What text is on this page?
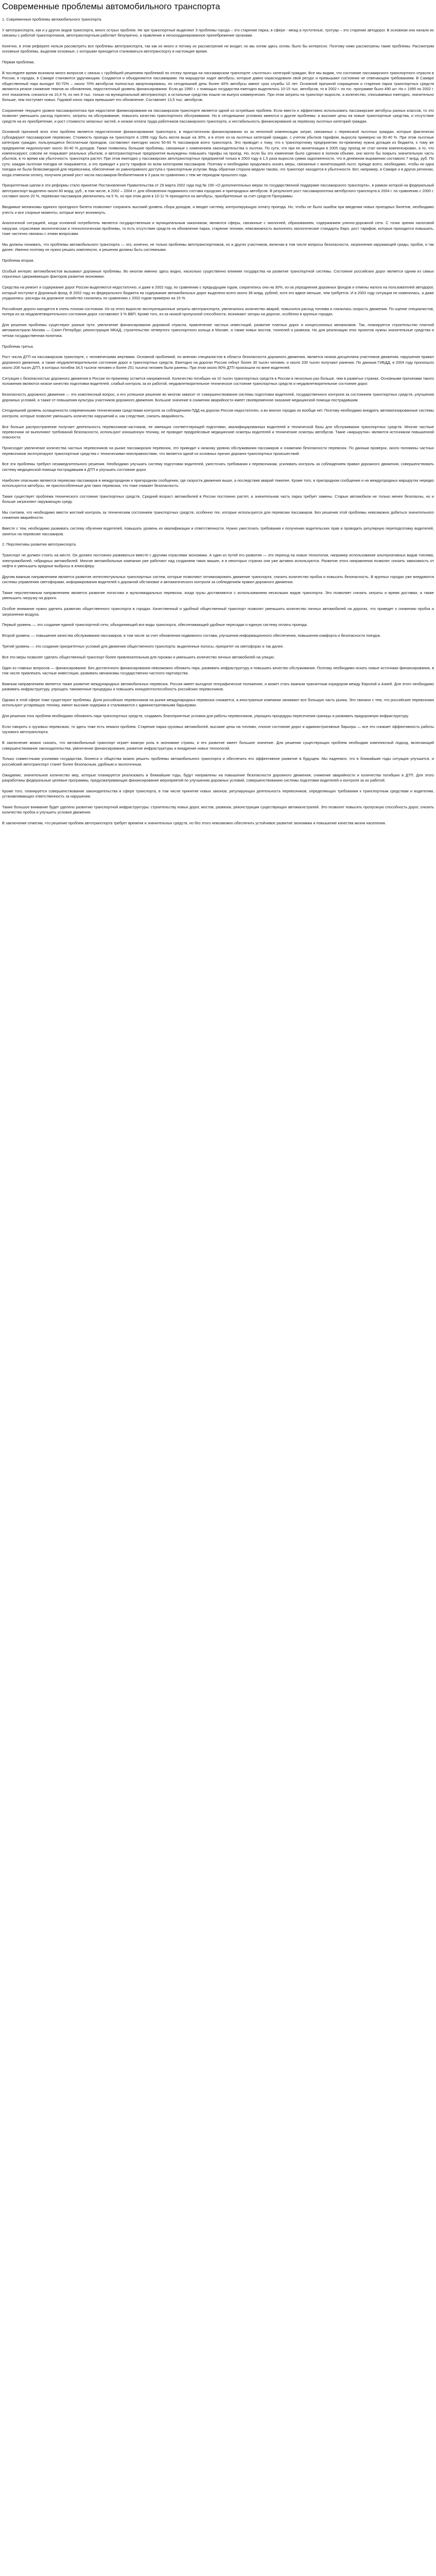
Современные проблемы автомобильного транспорта

1. Современные проблемы автомобильного транспорта.

У автотранспорта, как и у других видов транспорта, много острых проблем. Не зря транспортные выделяют 3 проблемы города – это старение парка, в сфере - межд а пустотелые, тротуар – это старение автодорог. В основном они начали их связаны с работой транспортников, автотранспортным работает безупречно, а правление и нескоординированное пренебрежение органами.

Конечно, в этом реферате нельзя рассмотреть все проблемы автотранспорта, так как их много и потому их рассмотрение не входит, но мы хотим здесь хотим, было бы интересно. Поэтому ниже рассмотрены такие проблемы: Рассмотрим основные проблемы, выделим основные, с которыми приходится сталкиваться автотранспорту в настоящее время.

Первая проблема.

В последнее время возникла много вопросов с связью с грубейшей решением проблемой по отсеку проезда на пассажирском транспорте «льготных» категорий граждан. Все мы видим, что состояние пассажирского транспортного отрасли в России, в городах, в Самаре становится удручающим. Создаются и объединяются пассажирами. На маршрутах ходят автобусы, которые давно израсходовали свой ресурс и превышают состояние не отвечающем требованиям. В Самаре общественный парк выходит 60-70% – около 70% автобусов полностью амортизированы, по сегодняшний день более 40% автобусы имеют срок службы 10 лет. Основной причиной сокращения и старения парка транспортных средств являются резкое снижение темпов их обновления, недостаточный уровень финансирования. Если до 1990 г. с помощью государства ежегодно выделялось 10-15 тыс. автобусов, то в 2002 г. по гос. программе было 490 шт. Но с 1995 по 2002 г. этот показатель снизился на 10,4 %, из них 8 тыс. только на муниципальный автотранспорт, а остальные средства пошли на выпуск коммерческих. При этом затраты на транспорт выросли, а количество, списываемых ежегодно, значительно больше, чем поступает новых. Годовой износ парка превышает его обновление. Составляет 13,5 тыс. автобусов.

Сохранение текущего уровня пассажиропотока при недостатке финансирования на пассажирском транспорте является одной из острейших проблем. Если ввести и эффективно использовать пассажирские автобусы разных классов, то это позволит уменьшить расход горючего, затраты на обслуживание, повысить качество транспортного обслуживания. Но в сегодняшних условиях имеются и другие проблемы: и высокие цены на новые транспортные средства, и отсутствие средств на их приобретение, и рост стоимости запасных частей, и низкая оплата труда работников пассажирского транспорта, и нестабильность финансирования за перевозку льготных категорий граждан.

Основной причиной всех этих проблем является недостаточное финансирование транспорта, в недостаточном финансировании из за неполной компенсации затрат, связанных с перевозкой льготных граждан, которые фактически субсидируют пассажирские перевозки. Стоимость проезда на транспорте в 1999 году быть могла выше на 30%, а в итоге из-за льготных категорий граждан, с учетом убытков тарифом, выросла примерно на 30-40 %. При этом льготные категории граждан, пользующиеся бесплатным проездом, составляют ежегодно около 50-60 % пассажиров всего транспорта. Это приводит к тому, что к транспортному предприятию по-прежнему нужна дотация из бюджета, к тому же предприятие недополучает около 30-40 % доходов. Также появились большие проблемы, связанные с изменением законодательства о льготах. По сути, что при ее монетизации в 2005 году проезд не стал ничем компенсирован, а то, что компенсируют, совсем не покрывает реальных убытков, и автотранспортные предприятия вынуждены повышать тарифы на проезд. Но, если бы это изменение было сделано в полном объеме, оно могло бы покрыть значительную часть убытков, в то время как убыточность транспорта растет. При этом ежегодно у пассажирских автотранспортных предприятий только в 2003 году в 1,5 раза выросла сумма задолженности, что в денежном выражении составило 7 млрд. руб. По сути, каждая льготная поездка не покрывается, а это приводит к росту тарифов по всем категориям пассажиров. Поэтому и необходимо продолжать искать меры, связанные с монетизацией льгот, прежде всего, необходимо, чтобы ни одна поездка не была безвозмездной для перевозчика, обеспечение их равноправного доступа к транспортным услугам. Ведь обратная сторона медали такова, что транспорт находится в убыточности. Вот, например, в Самаре и в других регионах, когда отменили оплату, получили резкий рост числа пассажиров-безбилетников в 3 раза по сравнению с тем же периодом прошлого года.

Приоритетным шагом в эти реформы стало принятие Постановления Правительства от 29 марта 2002 года под № 190 «О дополнительных мерах по государственной поддержке пассажирского транспорта», в рамках которой на федеральный автотранспорт выделено около 60 млрд. руб., в том числе, в 2002 – 2004 гг. для обновления подвижного состава городских и пригородных автобусов. В результате рост пассажиропотока автобусного транспорта в 2004 г. по сравнению с 2000 г. составил около 20 %, перевозки пассажиров увеличились на 5 %, но при этом доля в 10-11 % приходится на автобусы, приобретенные за счет средств Программы.

Вводимые механизмы единого проездного билета позволяют сохранить высокий уровень сбора доходов, и вводят систему, контролирующую оплату проезда. Но, чтобы не было ошибок при введении новых проездных билетов, необходимо учесть и все спорные моменты, которые могут возникнуть.

Аналогичной ситуацией, когда основной потребитель является государственным и муниципальным заказчиком, являются сферы, связанные с экологией, образованием, содержанием улично-дорожной сети. С точки зрения налоговой нагрузки, отраслевая экологическая и технологическая проблемы, то есть отсутствие средств на обновление парка, старение техники, невозможность выполнять экологические стандарты Евро, рост тарифов, которые приходится повышать, тоже частично связаны с этими вопросами.

Мы должны понимать, что проблемы автомобильного транспорта — это, конечно, не только проблемы автотранспортников, но и других участников, включая в том числе вопросы безопасности, загрязнения окружающей среды, пробок, и так далее. Именно поэтому их нужно решать комплексно, и решения должны быть системными.

Проблема вторая.

Особый интерес автомобилистов вызывают дорожные проблемы. Во многом именно здесь видно, насколько существенно влияние государства на развитие транспортной системы. Состояние российских дорог является одним из самых серьезных сдерживающих факторов развития экономики.

Средства на ремонт и содержание дорог России выделяются недостаточно, и даже в 2002 году, по сравнению с предыдущим годом, сократились они на 30%, из-за упразднения дорожных фондов и отмены налога на пользователей автодорог, который поступал в Дорожный фонд. В 2002 году из федерального бюджета на содержание автомобильных дорог выделено всего около 38 млрд. рублей, хотя это вдвое меньше, чем требуется. И в 2003 году ситуация не изменилась, а даже ухудшилась: расходы на дорожное хозяйство снизились по сравнению с 2002 годом примерно на 15 %.

Российские дороги находятся в очень плохом состоянии. Из-за этого выросли эксплуатационные затраты автотранспорта, увеличилось количество аварий, повысился расход топлива и снизилась скорость движения. По оценке специалистов, потери из-за неудовлетворительного состояния дорог составляют 3 % ВВП. Кроме того, из-за низкой пропускной способности, возникают заторы на дорогах, особенно в крупных городах.

Для решения проблемы существуют разные пути: увеличение финансирования дорожной отрасли, привлечение частных инвестиций, развитие платных дорог и концессионных механизмов. Так, планируется строительство платной автомагистрали Москва — Санкт-Петербург, реконструкция МКАД, строительство четвертого транспортного кольца в Москве, а также новых мостов, тоннелей и развязок. Но для реализации этих проектов нужны значительные средства и четкая государственная политика.

Проблема третья.

Рост числа ДТП на пассажирском транспорте, с человеческими жертвами. Основной проблемой, по мнению специалистов в области безопасности дорожного движения, является низкая дисциплина участников движения, нарушения правил дорожного движения, а также неудовлетворительное состояние дорог и транспортных средств. Ежегодно на дорогах России гибнут более 30 тысяч человек, и около 200 тысяч получают ранения. По данным ГИБДД, в 2004 году произошло около 208 тысяч ДТП, в которых погибли 34,5 тысячи человек и более 251 тысяча человек были ранены. При этом около 80% ДТП произошли по вине водителей.

Ситуация с безопасностью дорожного движения в России по-прежнему остается напряженной. Количество погибших на 10 тысяч транспортных средств в России в несколько раз больше, чем в развитых странах. Основными причинами такого положения являются низкое качество подготовки водителей, слабый контроль за их работой, неудовлетворительное техническое состояние транспортных средств и неудовлетворительное состояние дорог.

Безопасность дорожного движения — это комплексный вопрос, и его успешное решение во многом зависит от совершенствования системы подготовки водителей, государственного контроля за состоянием транспортных средств, улучшения дорожных условий, а также от повышения культуры участников дорожного движения. Большое значение в снижении аварийности имеет своевременное оказание медицинской помощи пострадавшим.

Сегодняшний уровень оснащенности современными техническими средствами контроля за соблюдением ПДД на дорогах России недостаточен, а во многих городах их вообще нет. Поэтому необходимо внедрять автоматизированные системы контроля, которые позволят уменьшить количество нарушений и, как следствие, снизить аварийность.

Все больше распространение получает деятельность перевозчиков-частников, не имеющих соответствующей подготовки, квалифицированных водителей и технической базы для обслуживания транспортных средств. Многие частные перевозчики не выполняют требований безопасности, используют изношенную технику, не проводят предрейсовые медицинские осмотры водителей и технические осмотры автобусов. Такие «маршрутки» являются источником повышенной опасности.

Происходит увеличение количества частных перевозчиков на рынке пассажирских перевозок, это приводит к низкому уровню обслуживания пассажиров и снижению безопасности перевозок. По данным проверок, около половины частных перевозчиков эксплуатируют транспортные средства с техническими неисправностями, что является одной из основных причин дорожно-транспортных происшествий.

Все эти проблемы требуют незамедлительного решения. Необходимо улучшать систему подготовки водителей, ужесточать требования к перевозчикам, усиливать контроль за соблюдением правил дорожного движения, совершенствовать систему медицинской помощи пострадавшим в ДТП и улучшать состояние дорог.

Наиболее опасными являются перевозки пассажиров в междугородном и пригородном сообщении, где скорости движения выше, а последствия аварий тяжелее. Кроме того, в пригородном сообщении и на междугородных маршрутах нередко используются автобусы, не приспособленные для таких перевозок, что тоже снижает безопасность.

Также существует проблема технического состояния транспортных средств. Средний возраст автомобилей в России постоянно растет, а значительная часть парка требует замены. Старые автомобили не только менее безопасны, но и больше загрязняют окружающую среду.

Мы считаем, что необходимо ввести жесткий контроль за техническим состоянием транспортных средств, особенно тех, которые используются для перевозки пассажиров. Без решения этой проблемы невозможно добиться значительного снижения аварийности.

Вместе с тем, необходимо развивать систему обучения водителей, повышать уровень их квалификации и ответственности. Нужно ужесточать требования к получению водительских прав и проводить регулярную переподготовку водителей, занятых на перевозке пассажиров.

2. Перспективы развития автотранспорта.

Транспорт не должен стоять на месте. Он должен постоянно развиваться вместе с другими отраслями экономики. А один из путей его развития — это переход на новые технологии, например использование альтернативных видов топлива, электромобилей, гибридных автомобилей. Многие автомобильные компании уже работают над созданием таких машин, и в некоторых странах они уже активно используются. Развитие этого направления позволит снизить зависимость от нефти и уменьшить вредные выбросы в атмосферу.

Другим важным направлением является развитие интеллектуальных транспортных систем, которые позволяют оптимизировать движение транспорта, снизить количество пробок и повысить безопасность. В крупных городах уже внедряются системы управления светофорами, информирования водителей о дорожной обстановке и автоматического контроля за соблюдением правил дорожного движения.

Также перспективным направлением является развитие логистики и мультимодальных перевозок, когда грузы доставляются с использованием нескольких видов транспорта. Это позволяет снизить затраты и время доставки, а также уменьшить нагрузку на дороги.

Особое внимание нужно уделить развитию общественного транспорта в городах. Качественный и удобный общественный транспорт позволит уменьшить количество личных автомобилей на дорогах, что приведет к снижению пробок и загрязнения воздуха.

Первый уровень — это создание единой транспортной сети, объединяющей все виды транспорта, обеспечивающей удобные пересадки и единую систему оплаты проезда.

Второй уровень — повышение качества обслуживания пассажиров, в том числе за счет обновления подвижного состава, улучшения информационного обеспечения, повышения комфорта и безопасности поездок.

Третий уровень — это создание приоритетных условий для движения общественного транспорта: выделенные полосы, приоритет на светофорах и так далее.

Все эти меры позволят сделать общественный транспорт более привлекательным для горожан и уменьшить количество личных автомобилей на улицах.

Один из главных вопросов — финансирование. Без достаточного финансирования невозможно обновить парк, развивать инфраструктуру и повышать качество обслуживания. Поэтому необходимо искать новые источники финансирования, в том числе привлекать частные инвестиции, развивать механизмы государственно-частного партнерства.

Важным направлением является также развитие международных автомобильных перевозок. Россия имеет выгодное географическое положение, и может стать важным транзитным коридором между Европой и Азией. Для этого необходимо развивать инфраструктуру, упрощать таможенные процедуры и повышать конкурентоспособность российских перевозчиков.

Однако в этой сфере тоже существуют проблемы. Доля российских перевозчиков на рынке международных перевозок снижается, а иностранные компании занимают все большую часть рынка. Это связано с тем, что российские перевозчики используют устаревшую технику, имеют высокие издержки и сталкиваются с административными барьерами.

Для решения этих проблем необходимо обновлять парк транспортных средств, создавать благоприятные условия для работы перевозчиков, упрощать процедуры пересечения границы и развивать придорожную инфраструктуру.

Если говорить о грузовых перевозках, то здесь тоже есть немало проблем. Старение парка грузовых автомобилей, высокие цены на топливо, плохое состояние дорог и административные барьеры — все это снижает эффективность работы грузового автотранспорта.

В заключение можно сказать, что автомобильный транспорт играет важную роль в экономике страны, и его развитие имеет большое значение. Для решения существующих проблем необходим комплексный подход, включающий совершенствование законодательства, увеличение финансирования, развитие инфраструктуры и внедрение новых технологий.

Только совместными усилиями государства, бизнеса и общества можно решить проблемы автомобильного транспорта и обеспечить его эффективное развитие в будущем. Мы надеемся, что в ближайшие годы ситуация улучшится, и российский автотранспорт станет более безопасным, удобным и экологичным.

Ожидаемо, значительное количество мер, которые планируется реализовать в ближайшие годы, будут направлены на повышение безопасности дорожного движения, снижение аварийности и количества погибших в ДТП. Для этого разработаны федеральные целевые программы, предусматривающие финансирование мероприятий по улучшению дорожных условий, совершенствованию системы подготовки водителей и контроля за их работой.

Кроме того, планируется совершенствование законодательства в сфере транспорта, в том числе принятие новых законов, регулирующих деятельность перевозчиков, определяющих требования к транспортным средствам и водителям, устанавливающих ответственность за нарушения.

Также большое внимание будет уделено развитию транспортной инфраструктуры: строительству новых дорог, мостов, развязок, реконструкции существующих автомагистралей. Это позволит повысить пропускную способность дорог, снизить количество пробок и улучшить условия движения.

В заключение отметим, что решение проблем автотранспорта требует времени и значительных средств, но без этого невозможно обеспечить устойчивое развитие экономики и повышение качества жизни населения.
